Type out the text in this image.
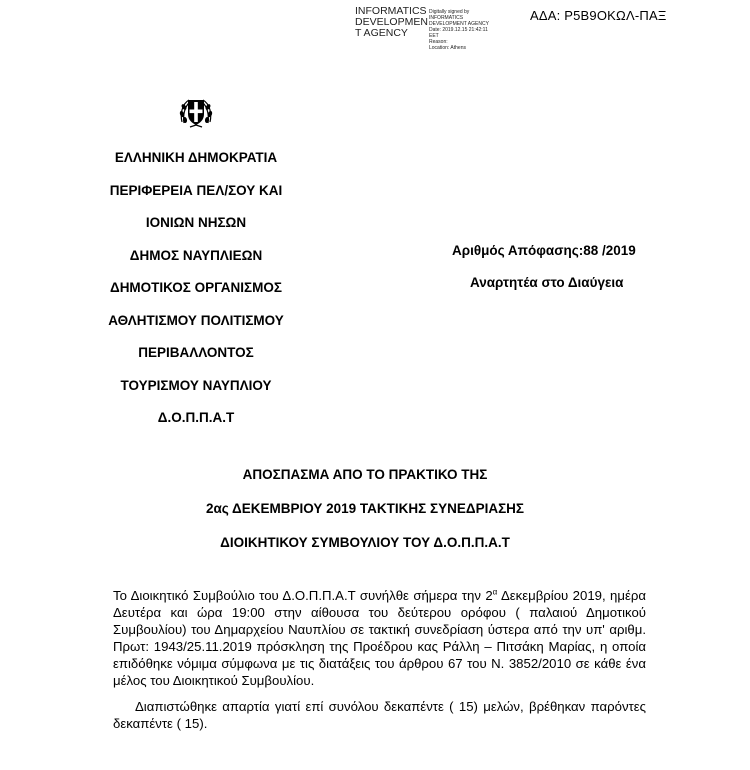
INFORMATICS
DEVELOPMEN
T AGENCY
Digitally signed by
INFORMATICS
DEVELOPMENT AGENCY
Date: 2019.12.15 21:42:11
EET
Reason:
Location: Athens
ΑΔΑ: Ρ5Β9ΟΚΩΛ-ΠΑΞ
ΕΛΛΗΝΙΚΗ ΔΗΜΟΚΡΑΤΙΑ
ΠΕΡΙΦΕΡΕΙΑ ΠΕΛ/ΣΟΥ ΚΑΙ
ΙΟΝΙΩΝ ΝΗΣΩΝ
ΔΗΜΟΣ ΝΑΥΠΛΙΕΩΝ
ΔΗΜΟΤΙΚΟΣ ΟΡΓΑΝΙΣΜΟΣ
ΑΘΛΗΤΙΣΜΟΥ ΠΟΛΙΤΙΣΜΟΥ
ΠΕΡΙΒΑΛΛΟΝΤΟΣ
ΤΟΥΡΙΣΜΟΥ ΝΑΥΠΛΙΟΥ
Δ.Ο.Π.Π.Α.Τ
Αριθμός Απόφασης:88 /2019
Αναρτητέα στο Διαύγεια
ΑΠΟΣΠΑΣΜΑ ΑΠΟ ΤΟ ΠΡΑΚΤΙΚΟ ΤΗΣ
2ας ΔΕΚΕΜΒΡΙΟΥ 2019 ΤΑΚΤΙΚΗΣ ΣΥΝΕΔΡΙΑΣΗΣ
ΔΙΟΙΚΗΤΙΚΟΥ ΣΥΜΒΟΥΛΙΟΥ ΤΟΥ Δ.Ο.Π.Π.Α.Τ

Το Διοικητικό Συμβούλιο του Δ.Ο.Π.Π.Α.Τ συνήλθε σήμερα την $2^\alpha$ Δεκεμβρίου 2019, ημέρα Δευτέρα και ώρα 19:00 στην αίθουσα του δεύτερου ορόφου ( παλαιού Δημοτικού Συμβουλίου) του Δημαρχείου Ναυπλίου σε τακτική συνεδρίαση ύστερα από την υπ' αριθμ. Πρωτ: 1943/25.11.2019 πρόσκληση της Προέδρου κας Ράλλη – Πιτσάκη Μαρίας, η οποία επιδόθηκε νόμιμα σύμφωνα με τις διατάξεις του άρθρου 67 του Ν. 3852/2010 σε κάθε ένα μέλος του Διοικητικού Συμβουλίου.

Διαπιστώθηκε απαρτία γιατί επί συνόλου δεκαπέντε ( 15) μελών, βρέθηκαν παρόντες δεκαπέντε ( 15).
